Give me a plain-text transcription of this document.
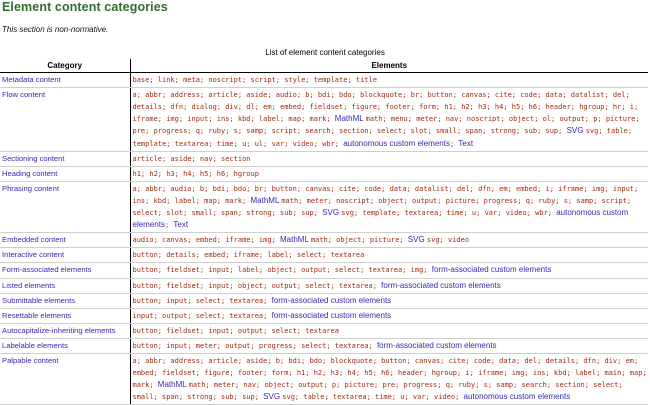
Element content categories

This section is non-normative.

List of element content categories
Category	Elements
Metadata content	base; link; meta; noscript; script; style; template; title
Flow content	a; abbr; address; article; aside; audio; b; bdi; bdo; blockquote; br; button; canvas; cite; code; data; datalist; del; details; dfn; dialog; div; dl; em; embed; fieldset; figure; footer; form; h1; h2; h3; h4; h5; h6; header; hgroup; hr; i; iframe; img; input; ins; kbd; label; map; mark; MathML math; menu; meter; nav; noscript; object; ol; output; p; picture; pre; progress; q; ruby; s; samp; script; search; section; select; slot; small; span; strong; sub; sup; SVG svg; table; template; textarea; time; u; ul; var; video; wbr; autonomous custom elements; Text
Sectioning content	article; aside; nav; section
Heading content	h1; h2; h3; h4; h5; h6; hgroup
Phrasing content	a; abbr; audio; b; bdi; bdo; br; button; canvas; cite; code; data; datalist; del; dfn; em; embed; i; iframe; img; input; ins; kbd; label; map; mark; MathML math; meter; noscript; object; output; picture; progress; q; ruby; s; samp; script; select; slot; small; span; strong; sub; sup; SVG svg; template; textarea; time; u; var; video; wbr; autonomous custom elements; Text
Embedded content	audio; canvas; embed; iframe; img; MathML math; object; picture; SVG svg; video
Interactive content	button; details; embed; iframe; label; select; textarea
Form-associated elements	button; fieldset; input; label; object; output; select; textarea; img; form-associated custom elements
Listed elements	button; fieldset; input; object; output; select; textarea; form-associated custom elements
Submittable elements	button; input; select; textarea; form-associated custom elements
Resettable elements	input; output; select; textarea; form-associated custom elements
Autocapitalize-inheriting elements	button; fieldset; input; output; select; textarea
Labelable elements	button; input; meter; output; progress; select; textarea; form-associated custom elements
Palpable content	a; abbr; address; article; aside; b; bdi; bdo; blockquote; button; canvas; cite; code; data; del; details; dfn; div; em; embed; fieldset; figure; footer; form; h1; h2; h3; h4; h5; h6; header; hgroup; i; iframe; img; ins; kbd; label; main; map; mark; MathML math; meter; nav; object; output; p; picture; pre; progress; q; ruby; s; samp; search; section; select; small; span; strong; sub; sup; SVG svg; table; textarea; time; u; var; video; autonomous custom elements
